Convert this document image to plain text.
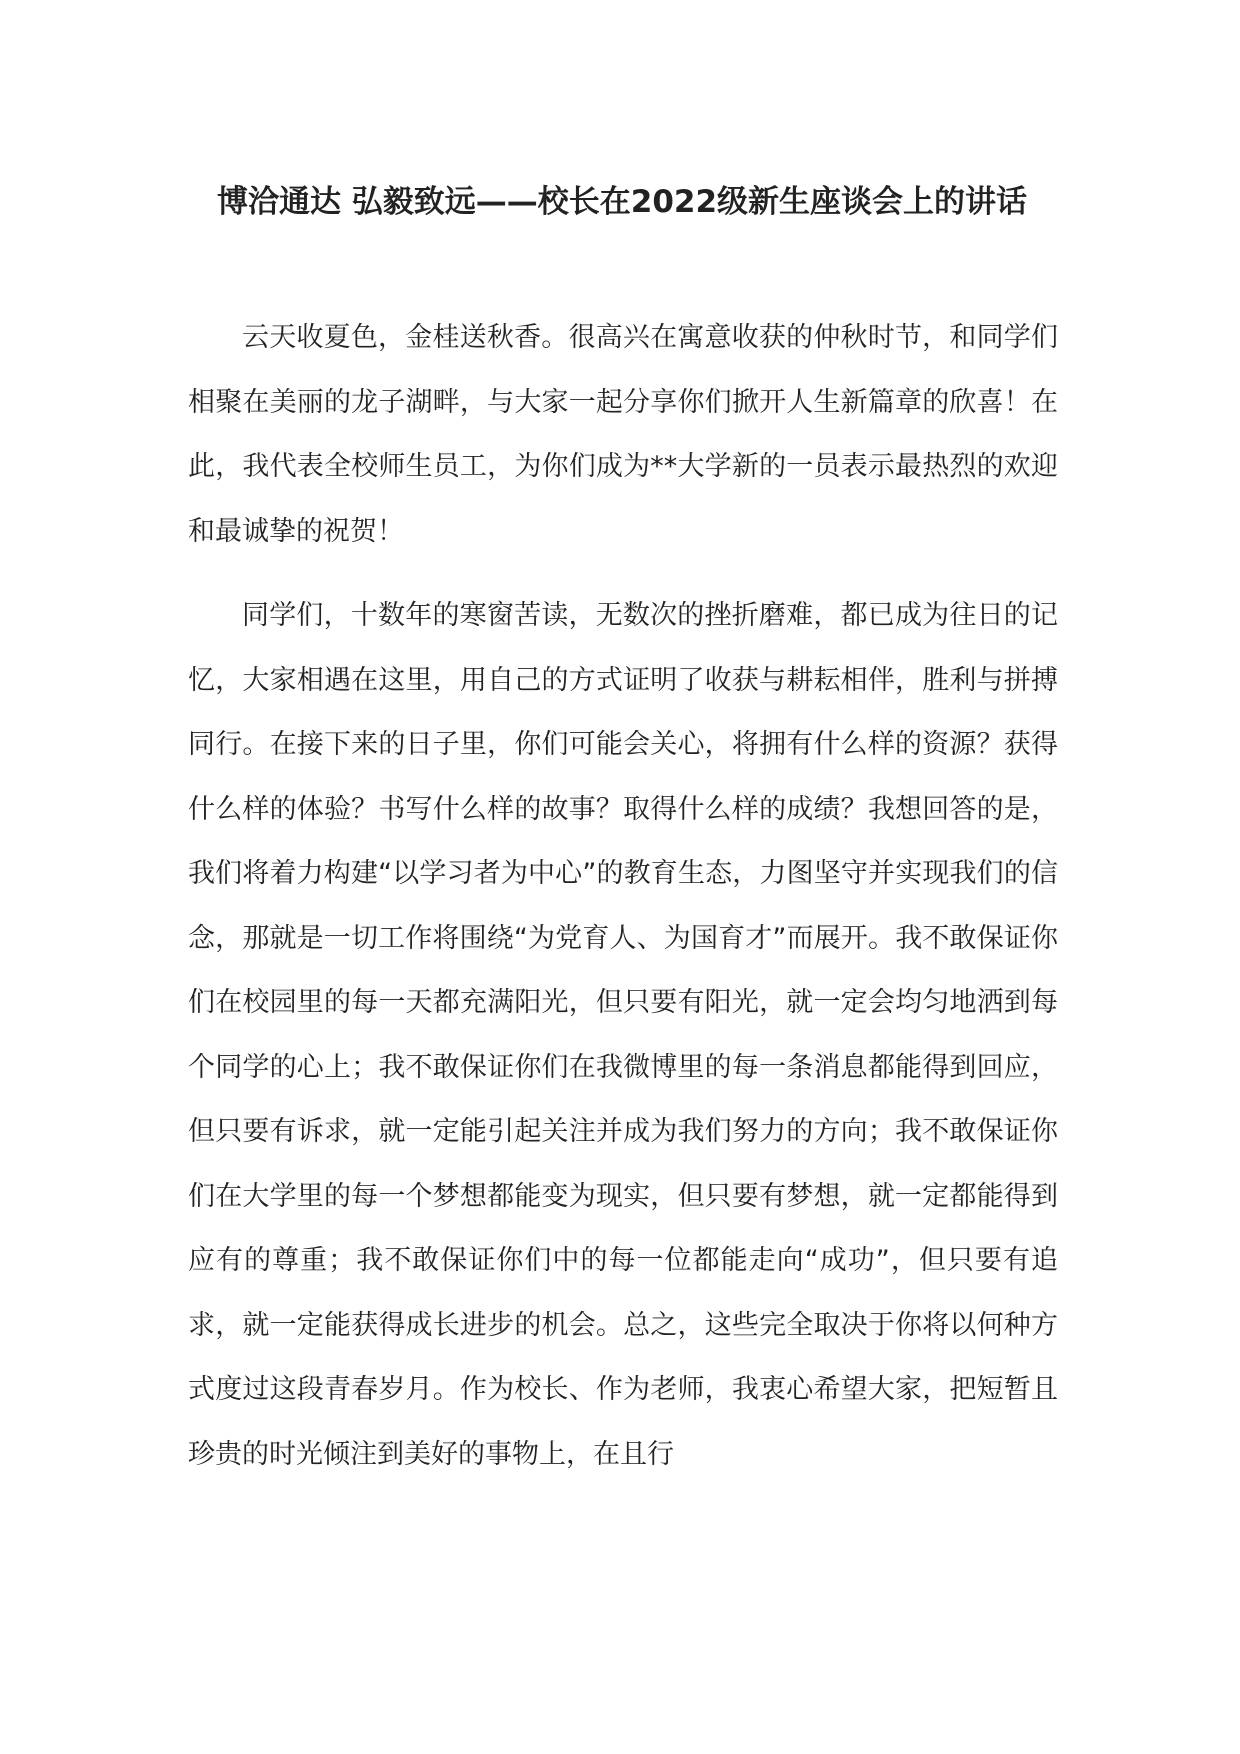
博洽通达 弘毅致远——校长在2022级新生座谈会上的讲话

云天收夏色，金桂送秋香。很高兴在寓意收获的仲秋时节，和同学们相聚在美丽的龙子湖畔，与大家一起分享你们掀开人生新篇章的欣喜！在此，我代表全校师生员工，为你们成为**大学新的一员表示最热烈的欢迎和最诚挚的祝贺！

同学们，十数年的寒窗苦读，无数次的挫折磨难，都已成为往日的记忆，大家相遇在这里，用自己的方式证明了收获与耕耘相伴，胜利与拼搏同行。在接下来的日子里，你们可能会关心，将拥有什么样的资源？获得什么样的体验？书写什么样的故事？取得什么样的成绩？我想回答的是，我们将着力构建“以学习者为中心”的教育生态，力图坚守并实现我们的信念，那就是一切工作将围绕“为党育人、为国育才”而展开。我不敢保证你们在校园里的每一天都充满阳光，但只要有阳光，就一定会均匀地洒到每个同学的心上；我不敢保证你们在我微博里的每一条消息都能得到回应，但只要有诉求，就一定能引起关注并成为我们努力的方向；我不敢保证你们在大学里的每一个梦想都能变为现实，但只要有梦想，就一定都能得到应有的尊重；我不敢保证你们中的每一位都能走向“成功”，但只要有追求，就一定能获得成长进步的机会。总之，这些完全取决于你将以何种方式度过这段青春岁月。作为校长、作为老师，我衷心希望大家，把短暂且珍贵的时光倾注到美好的事物上，在且行
